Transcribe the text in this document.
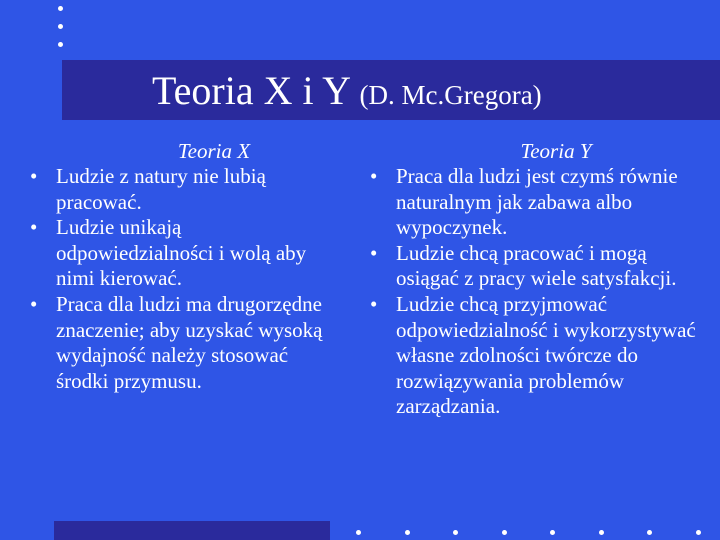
Teoria X i Y (D. Mc.Gregora)
Teoria X
• Ludzie z natury nie lubią pracować.
• Ludzie unikają odpowiedzialności i wolą aby nimi kierować.
• Praca dla ludzi ma drugorzędne znaczenie; aby uzyskać wysoką wydajność należy stosować środki przymusu.
Teoria Y
• Praca dla ludzi jest czymś równie naturalnym jak zabawa albo wypoczynek.
• Ludzie chcą pracować i mogą osiągać z pracy wiele satysfakcji.
• Ludzie chcą przyjmować odpowiedzialność i wykorzystywać własne zdolności twórcze do rozwiązywania problemów zarządzania.
